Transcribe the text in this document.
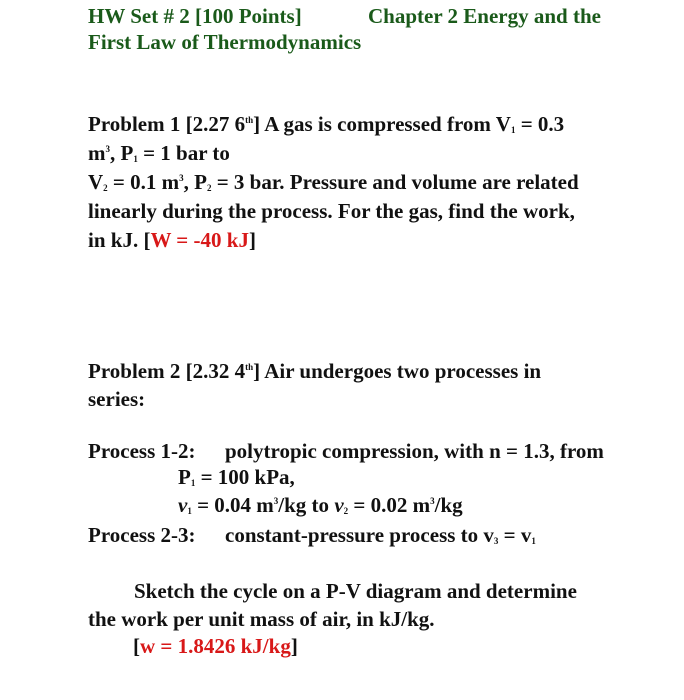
HW Set # 2 [100 Points]	Chapter 2 Energy and the
First Law of Thermodynamics
Problem 1 [2.27 6th] A gas is compressed from $V_1 = 0.3$
$m^3$, $P_1 = 1$ bar to
$V_2 = 0.1$ $m^3$, $P_2 = 3$ bar. Pressure and volume are related
linearly during the process. For the gas, find the work,
in kJ. [W = -40 kJ]
Problem 2 [2.32 4th] Air undergoes two processes in
series:
Process 1-2: polytropic compression, with n = 1.3, from
$P_1 = 100$ kPa,
$v_1 = 0.04$ $m^3/kg$ to $v_2 = 0.02$ $m^3/kg$
Process 2-3: constant-pressure process to $v_3 = v_1$
Sketch the cycle on a P-V diagram and determine
the work per unit mass of air, in kJ/kg.
[w = 1.8426 kJ/kg]
